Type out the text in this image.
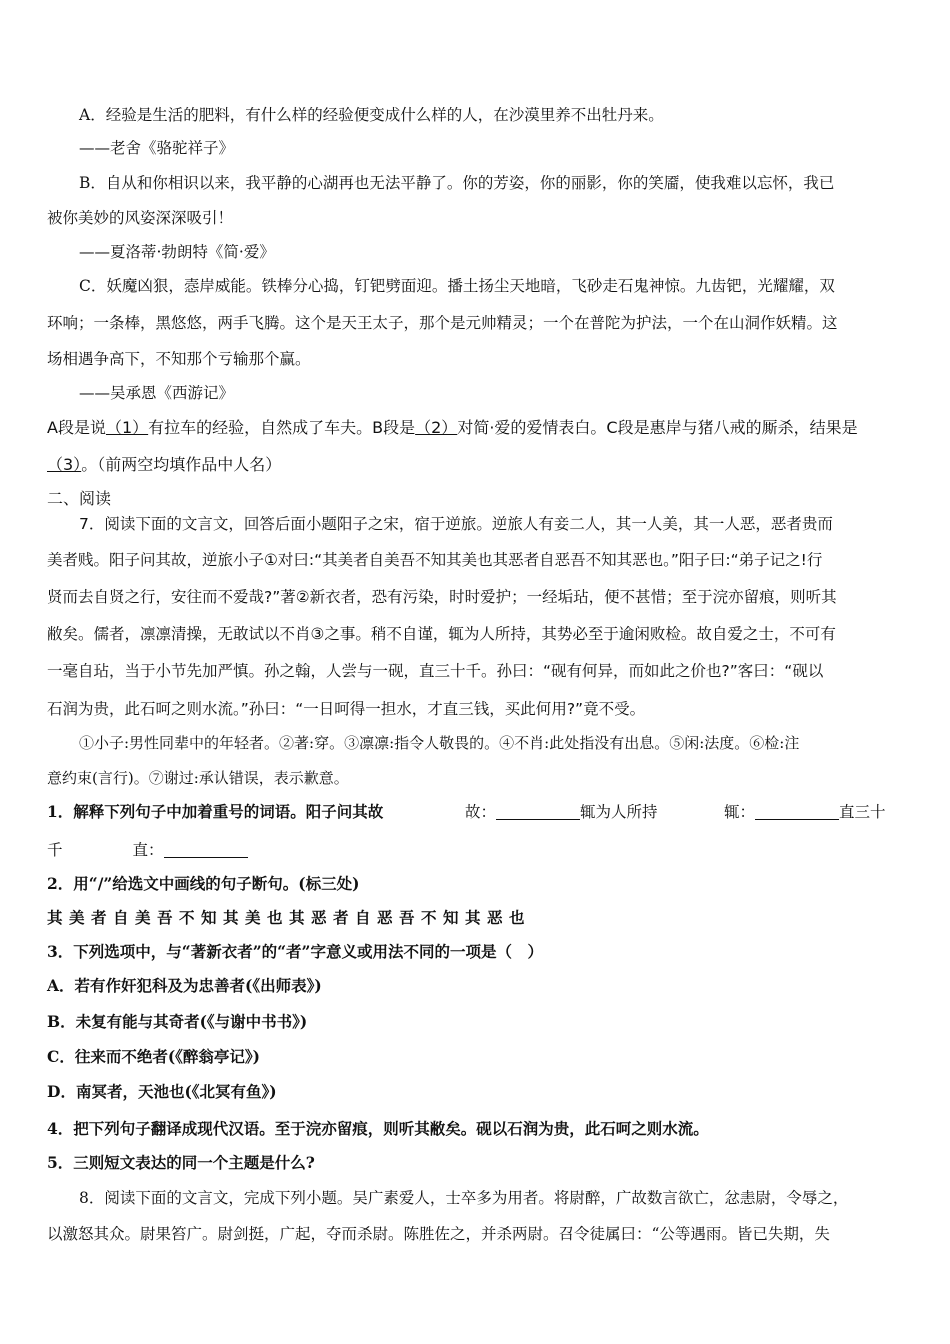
A．经验是生活的肥料，有什么样的经验便变成什么样的人，在沙漠里养不出牡丹来。
——老舍《骆驼祥子》
B．自从和你相识以来，我平静的心湖再也无法平静了。你的芳姿，你的丽影，你的笑靥，使我难以忘怀，我已
被你美妙的风姿深深吸引！
——夏洛蒂·勃朗特《简·爱》
C．妖魔凶狠，悫岸威能。铁棒分心捣，钉钯劈面迎。播土扬尘天地暗，飞砂走石鬼神惊。九齿钯，光耀耀，双
环响；一条棒，黑悠悠，两手飞腾。这个是天王太子，那个是元帅精灵；一个在普陀为护法，一个在山洞作妖精。这
场相遇争高下，不知那个亏输那个赢。
——吴承恩《西游记》
A段是说（1）有拉车的经验，自然成了车夫。B段是（2）对简·爱的爱情表白。C段是惠岸与猪八戒的厮杀，结果是
（3）。（前两空均填作品中人名）
二、阅读
7．阅读下面的文言文，回答后面小题阳子之宋，宿于逆旅。逆旅人有妾二人，其一人美，其一人恶，恶者贵而
美者贱。阳子问其故，逆旅小子①对曰:“其美者自美吾不知其美也其恶者自恶吾不知其恶也。”阳子曰:“弟子记之!行
贤而去自贤之行，安往而不爱哉?”著②新衣者，恐有污染，时时爱护；一经垢玷，便不甚惜；至于浣亦留痕，则听其
敝矣。儒者，凛凛清操，无敢试以不肖③之事。稍不自谨，辄为人所持，其势必至于逾闲败检。故自爱之士，不可有
一毫自玷，当于小节先加严慎。孙之翰，人尝与一砚，直三十千。孙曰：“砚有何异，而如此之价也?”客曰：“砚以
石润为贵，此石呵之则水流。”孙曰：“一日呵得一担水，才直三钱，买此何用?”竟不受。
①小子:男性同辈中的年轻者。②著:穿。③凛凛:指令人敬畏的。④不肖:此处指没有出息。⑤闲:法度。⑥检:注
意约束(言行)。⑦谢过:承认错误，表示歉意。
1．解释下列句子中加着重号的词语。阳子问其故	故：	辄为人所持	辄：	直三十
千	直：
2．用“/”给选文中画线的句子断句。(标三处)
其美者自美吾不知其美也其恶者自恶吾不知其恶也
3．下列选项中，与“著新衣者”的“者”字意义或用法不同的一项是（　）
A．若有作奸犯科及为忠善者(《出师表》)
B．未复有能与其奇者(《与谢中书书》)
C．往来而不绝者(《醉翁亭记》)
D．南冥者，天池也(《北冥有鱼》)
4．把下列句子翻译成现代汉语。至于浣亦留痕，则听其敝矣。砚以石润为贵，此石呵之则水流。
5．三则短文表达的同一个主题是什么?
8．阅读下面的文言文，完成下列小题。吴广素爱人，士卒多为用者。将尉醉，广故数言欲亡，忿恚尉，令辱之，
以激怒其众。尉果笞广。尉剑挺，广起，夺而杀尉。陈胜佐之，并杀两尉。召令徒属曰：“公等遇雨。皆已失期，失
